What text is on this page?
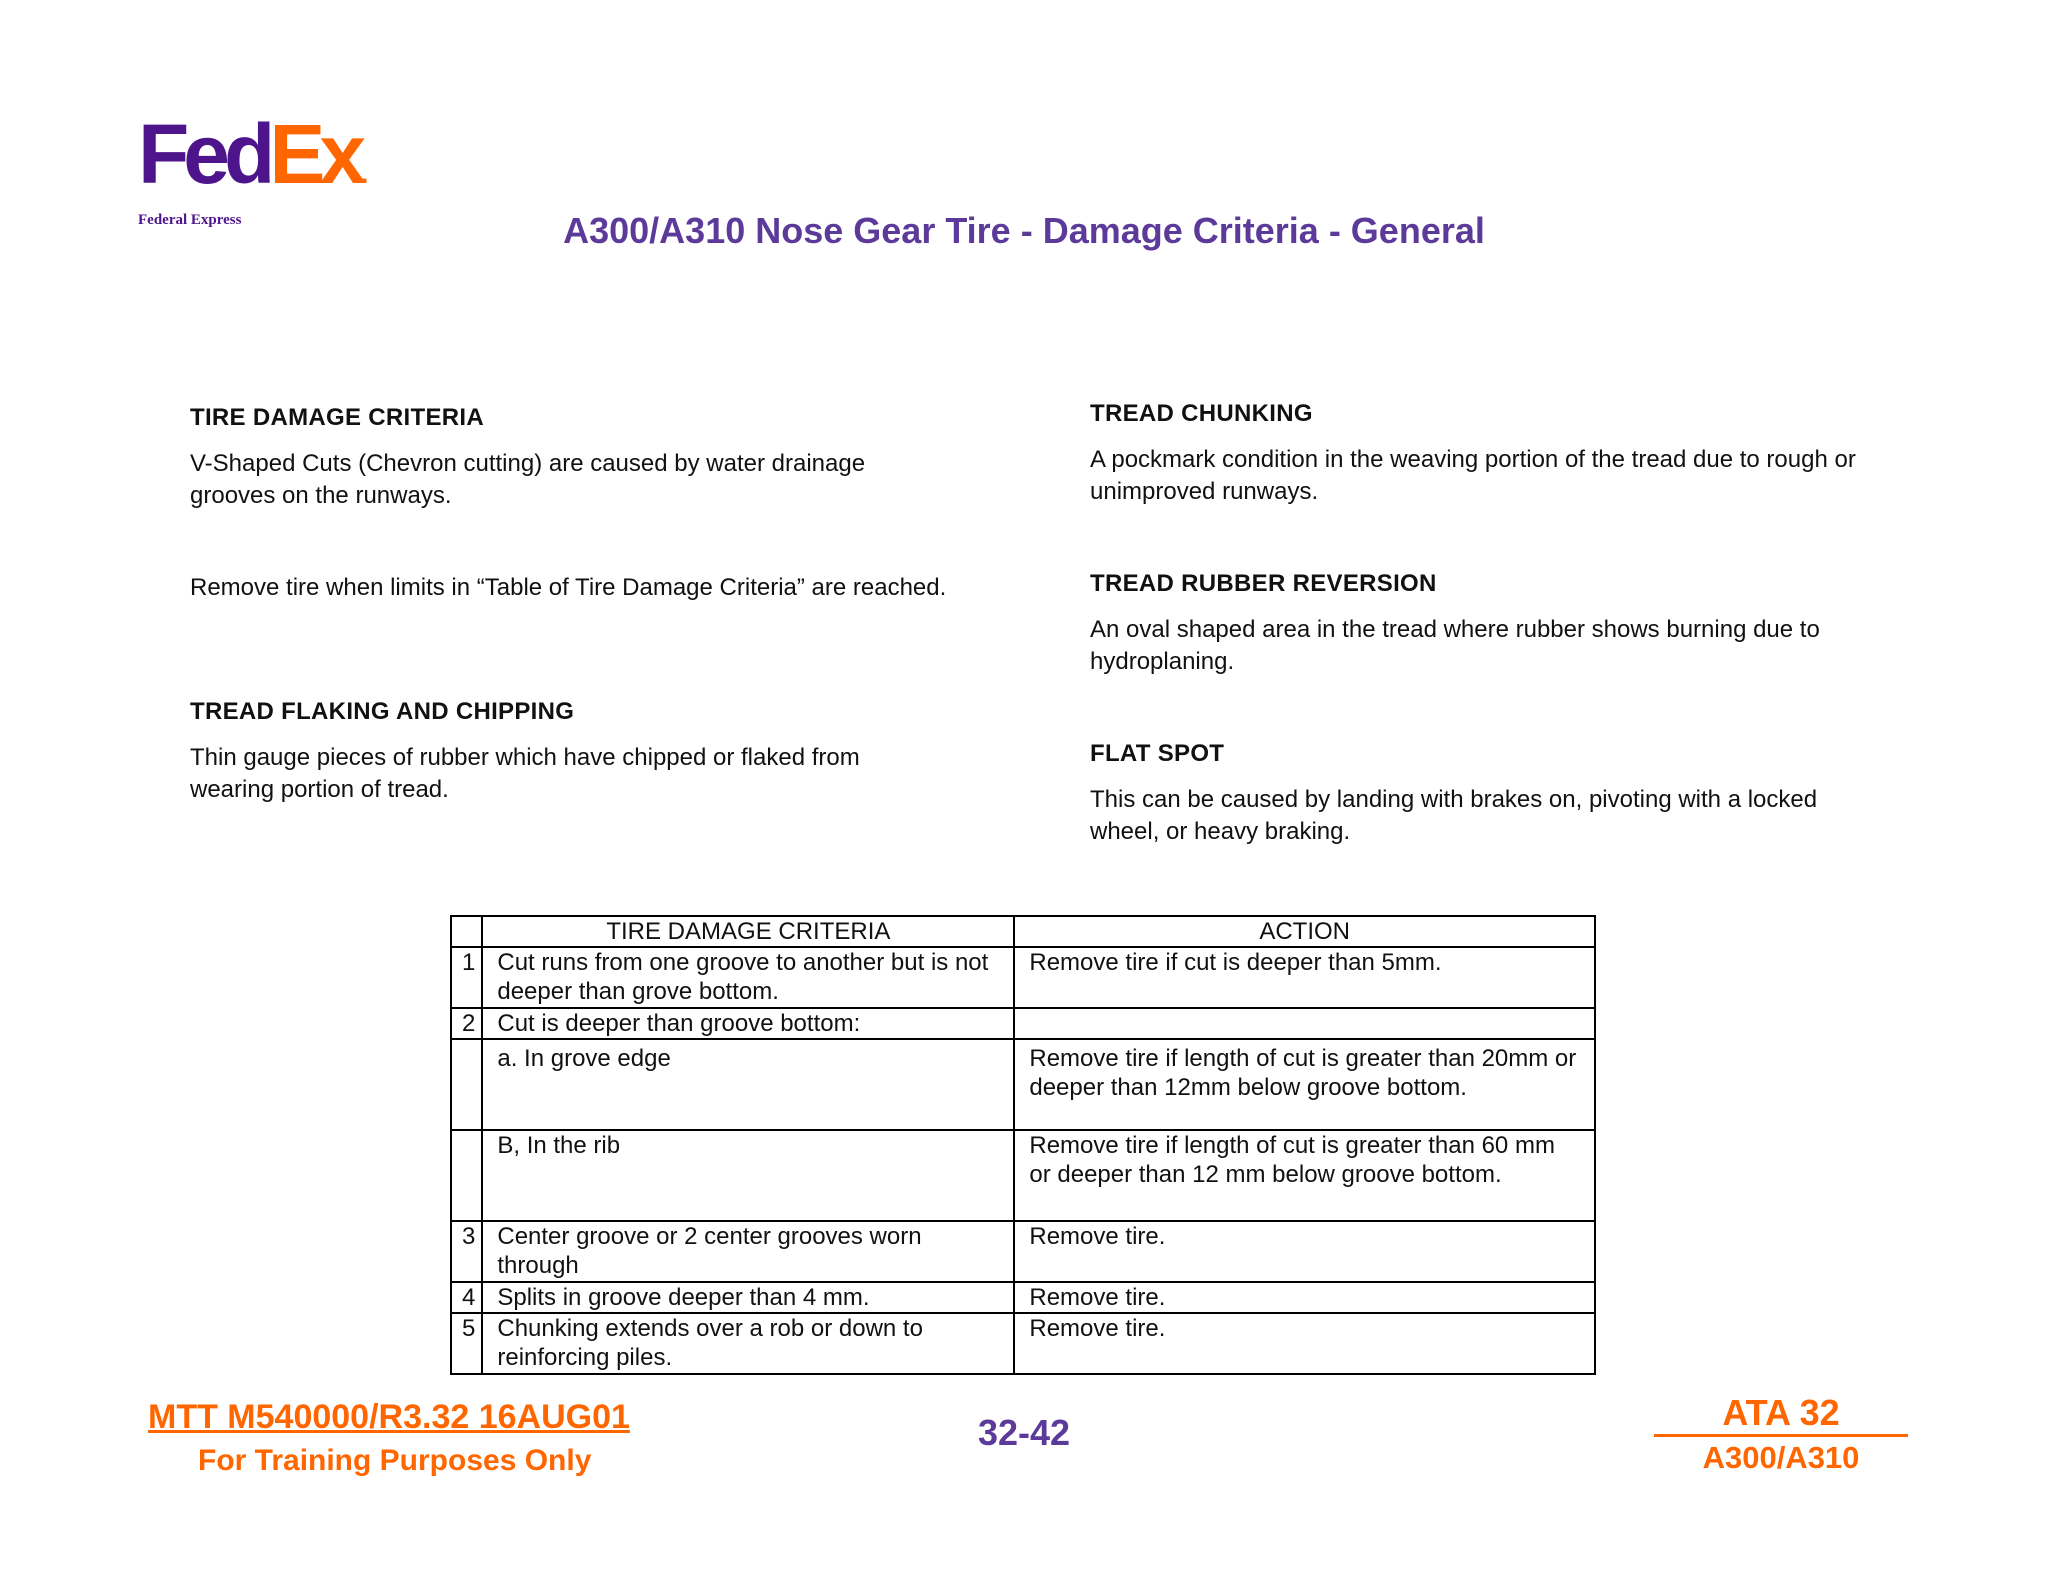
FedEx.
Federal Express	A300/A310 Nose Gear Tire - Damage Criteria - General
TIRE DAMAGE CRITERIA
V-Shaped Cuts (Chevron cutting) are caused by water drainage grooves on the runways.
Remove tire when limits in “Table of Tire Damage Criteria” are reached.
TREAD FLAKING AND CHIPPING
Thin gauge pieces of rubber which have chipped or flaked from wearing portion of tread.
TREAD CHUNKING
A pockmark condition in the weaving portion of the tread due to rough or unimproved runways.
TREAD RUBBER REVERSION
An oval shaped area in the tread where rubber shows burning due to hydroplaning.
FLAT SPOT
This can be caused by landing with brakes on, pivoting with a locked wheel, or heavy braking.
	TIRE DAMAGE CRITERIA	ACTION
1	Cut runs from one groove to another but is not deeper than grove bottom.	Remove tire if cut is deeper than 5mm.
2	Cut is deeper than groove bottom:	
	a. In grove edge	Remove tire if length of cut is greater than 20mm or deeper than 12mm below groove bottom.
	B, In the rib	Remove tire if length of cut is greater than 60 mm or deeper than 12 mm below groove bottom.
3	Center groove or 2 center grooves worn through	Remove tire.
4	Splits in groove deeper than 4 mm.	Remove tire.
5	Chunking extends over a rob or down to reinforcing piles.	Remove tire.
MTT M540000/R3.32 16AUG01
For Training Purposes Only
32-42	ATA 32
A300/A310
